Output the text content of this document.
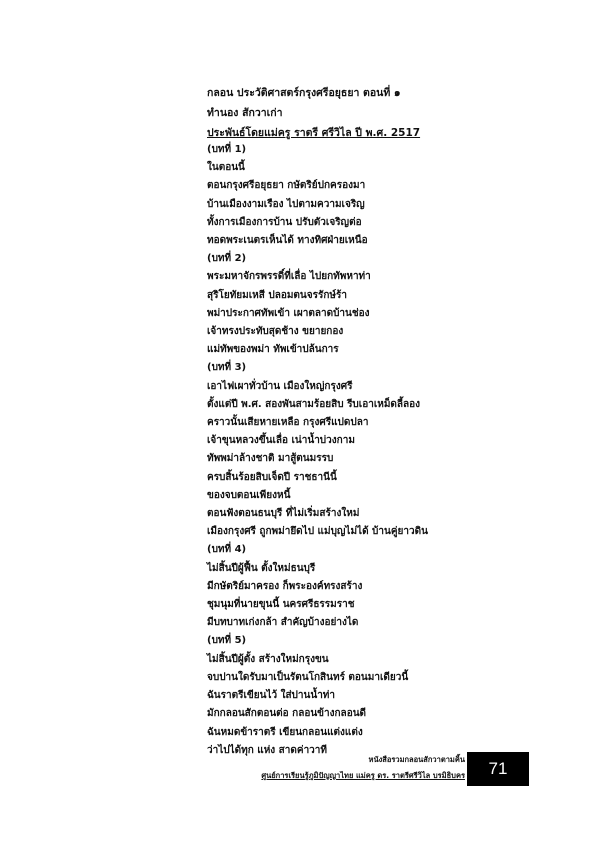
กลอน ประวัติศาสตร์กรุงศรีอยุธยา ตอนที่ ๑
ทำนอง สักวาเก่า
ประพันธ์โดยแม่ครู ราตรี ศรีวิไล ปี พ.ศ. 2517
(บทที่ 1)
ในตอนนี้
ตอนกรุงศรีอยุธยา กษัตริย์ปกครองมา
บ้านเมืองงามเรือง ไปตามความเจริญ
ทั้งการเมืองการบ้าน ปรับตัวเจริญต่อ
ทอดพระเนตรเห็นได้ ทางทิศฝ่ายเหนือ
(บทที่ 2)
พระมหาจักรพรรดิ์ที่เลื่อ ไปยกทัพหาท่า
สุริโยทัยมเหสี ปลอมตนจรรักษ์ร้า
พม่าประกาศทัพเข้า เผาตลาดบ้านช่อง
เจ้าทรงประทับสุดช้าง ขยายกอง
แม่ทัพของพม่า ทัพเข้าปล้นการ
(บทที่ 3)
เอาไฟเผาทั่วบ้าน เมืองใหญ่กรุงศรี
ตั้งแต่ปี พ.ศ. สองพันสามร้อยสิบ รีบเอาเหม็ดลี้ลอง
คราวนั้นเสียหายเหลือ กรุงศรีแปดปลา
เจ้าขุนหลวงขึ้นเลื่อ เน่าน้ำบ่วงกาม
ทัพพม่าล้างชาติ มาสู้ตนมรรบ
ครบสิ้นร้อยสิบเจ็ดปี ราชธานีนี้
ของจบตอนเพียงหนี้
ตอนฟังตอนธนบุรี ที่ไม่เริ่มสร้างใหม่
เมืองกรุงศรี ถูกพม่ายึดไป แม่บุญไม่ได้ บ้านคู่ยาวดิน
(บทที่ 4)
ไม่สิ้นปีผู้ฟื้น ตั้งใหม่ธนบุรี
มีกษัตริย์มาครอง ก็พระองค์ทรงสร้าง
ชุมนุมที่นายขุนนี้ นครศรีธรรมราช
มีบทบาทเก่งกล้า สำคัญบ้างอย่างได
(บทที่ 5)
ไม่สิ้นปีผู้ตั้ง สร้างใหม่กรุงขน
จบปานใดรับมาเป็นรัตนโกสินทร์ ตอนมาเดียวนี้
ฉันราตรีเขียนไว้ ใส่ปานน้ำท่า
มักกลอนสักตอนต่อ กลอนข้างกลอนดี
ฉันหมดข้าราตรี เขียนกลอนแต่งแต่ง
ว่าไปได้ทุก แห่ง สาดค่าวาที
หนังสือรวมกลอนสักวาตามคิ้น
ศูนย์การเรียนรู้ภูมิปัญญาไทย แม่ครู ดร. ราตรีศรีวิไล บรมิธิบคร 71
